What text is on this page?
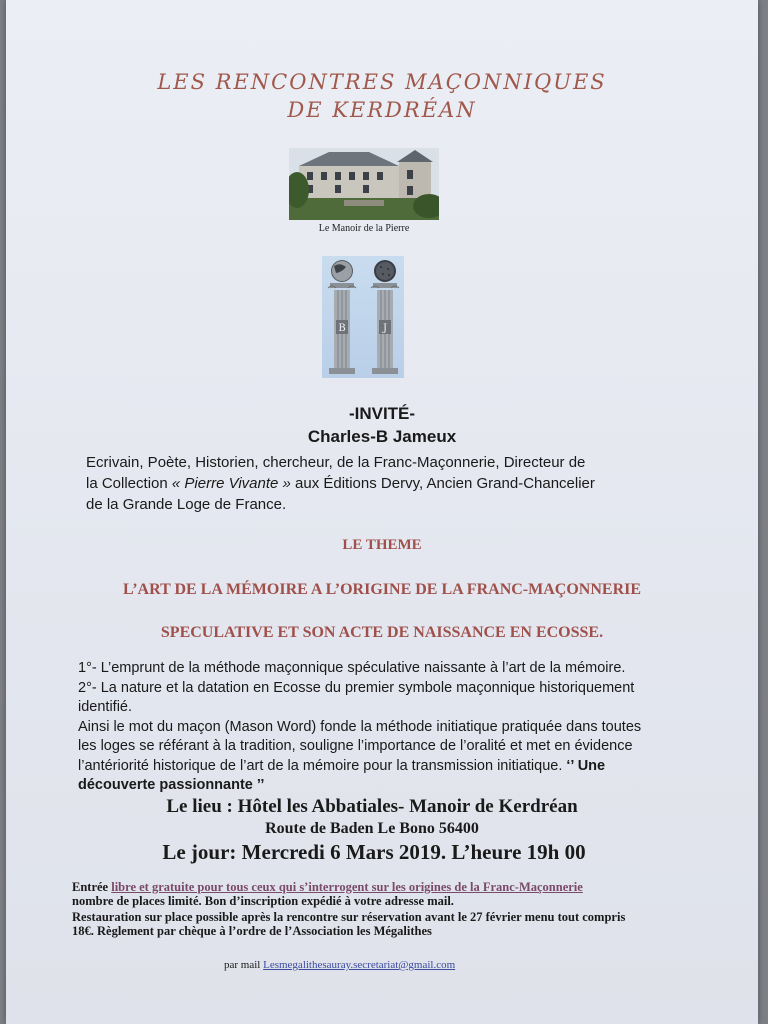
LES RENCONTRES MAÇONNIQUES
DE KERDRÉAN
Le Manoir de la Pierre
B	J
-INVITÉ-
Charles-B Jameux
Ecrivain, Poète, Historien, chercheur, de la Franc-Maçonnerie, Directeur de
la Collection « Pierre Vivante » aux Éditions Dervy, Ancien Grand-Chancelier
de la Grande Loge de France.
LE THEME
L’ART DE LA MÉMOIRE A L’ORIGINE DE LA FRANC-MAÇONNERIE
SPECULATIVE ET SON ACTE DE NAISSANCE EN ECOSSE.
1°- L’emprunt de la méthode maçonnique spéculative naissante à l’art de la mémoire.
2°- La nature et la datation en Ecosse du premier symbole maçonnique historiquement
identifié.
Ainsi le mot du maçon (Mason Word) fonde la méthode initiatique pratiquée dans toutes
les loges se référant à la tradition, souligne l’importance de l’oralité et met en évidence
l’antériorité historique de l’art de la mémoire pour la transmission initiatique. ‘’ Une
découverte passionnante ’’
Le lieu : Hôtel les Abbatiales- Manoir de Kerdréan
Route de Baden Le Bono 56400
Le jour: Mercredi 6 Mars 2019. L’heure 19h 00
Entrée libre et gratuite pour tous ceux qui s’interrogent sur les origines de la Franc-Maçonnerie
nombre de places limité. Bon d’inscription expédié à votre adresse mail.
Restauration sur place possible après la rencontre sur réservation avant le 27 février menu tout compris
18€. Règlement par chèque à l’ordre de l’Association les Mégalithes
par mail Lesmegalithesauray.secretariat@gmail.com
